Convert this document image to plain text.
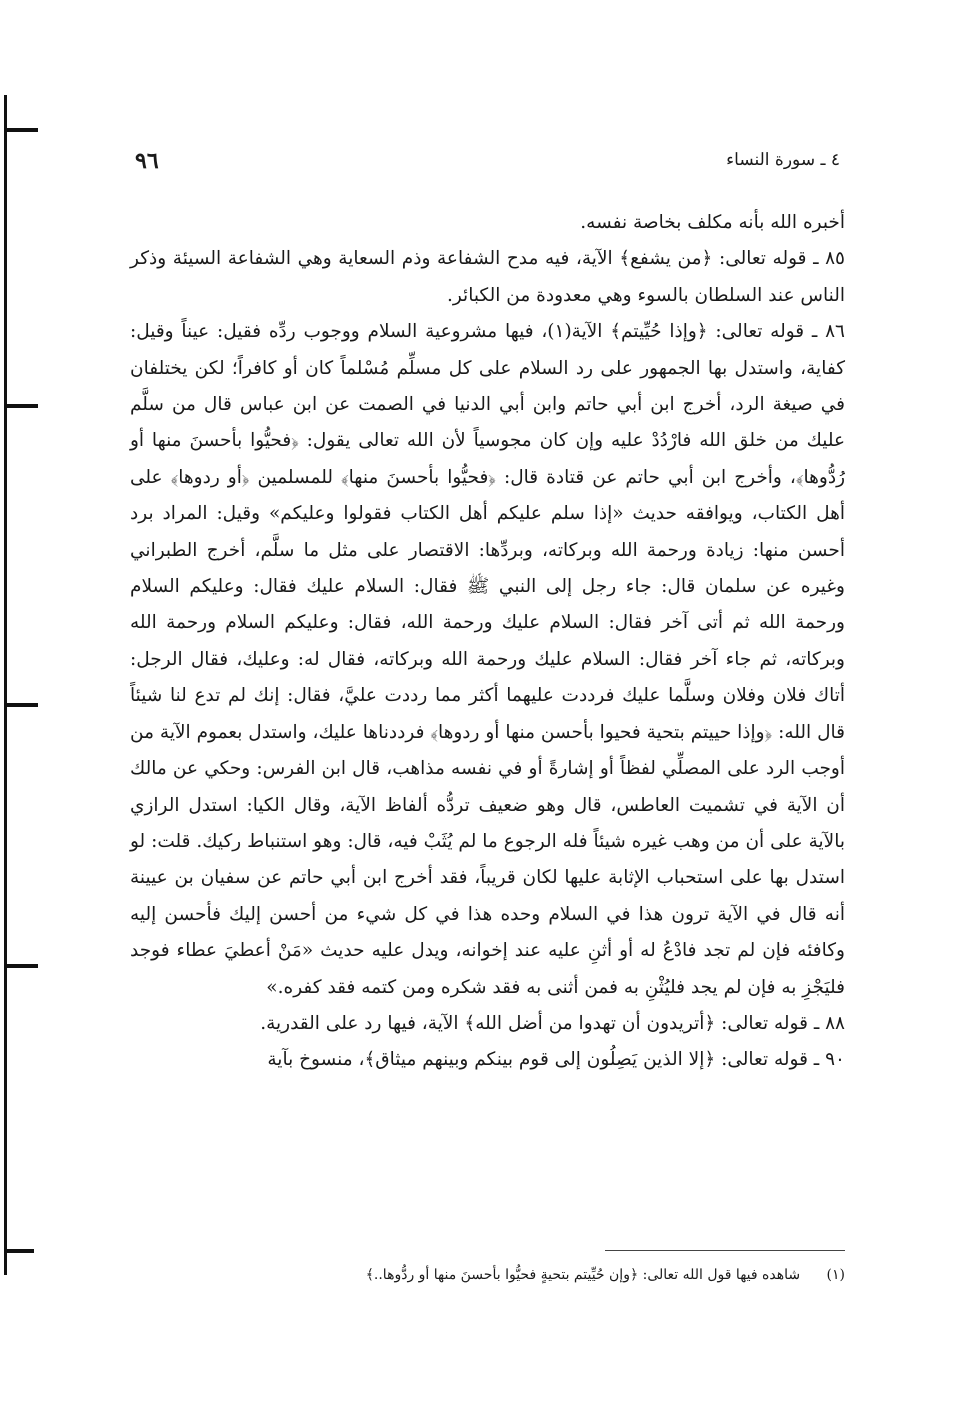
٩٦	٤ ـ سورة النساء

أخبره الله بأنه مكلف بخاصة نفسه.

٨٥ ـ قوله تعالى: ﴿من يشفع﴾ الآية، فيه مدح الشفاعة وذم السعاية وهي الشفاعة السيئة وذكر الناس عند السلطان بالسوء وهي معدودة من الكبائر.

٨٦ ـ قوله تعالى: ﴿وإذا حُيِّيتم﴾ الآية(١)، فيها مشروعية السلام ووجوب ردِّه فقيل: عيناً وقيل: كفاية، واستدل بها الجمهور على رد السلام على كل مسلِّم مُسْلماً كان أو كافراً؛ لكن يختلفان في صيغة الرد، أخرج ابن أبي حاتم وابن أبي الدنيا في الصمت عن ابن عباس قال من سلَّم عليك من خلق الله فارْدُدْ عليه وإن كان مجوسياً لأن الله تعالى يقول: ﴿فحيُّوا بأحسنَ منها أو رُدُّوها﴾، وأخرج ابن أبي حاتم عن قتادة قال: ﴿فحيُّوا بأحسنَ منها﴾ للمسلمين ﴿أو ردوها﴾ على أهل الكتاب، ويوافقه حديث «إذا سلم عليكم أهل الكتاب فقولوا وعليكم» وقيل: المراد برد أحسن منها: زيادة ورحمة الله وبركاته، وبردِّها: الاقتصار على مثل ما سلَّم، أخرج الطبراني وغيره عن سلمان قال: جاء رجل إلى النبي ﷺ فقال: السلام عليك فقال: وعليكم السلام ورحمة الله ثم أتى آخر فقال: السلام عليك ورحمة الله، فقال: وعليكم السلام ورحمة الله وبركاته، ثم جاء آخر فقال: السلام عليك ورحمة الله وبركاته، فقال له: وعليك، فقال الرجل: أتاك فلان وفلان وسلَّما عليك فرددت عليهما أكثر مما رددت عليَّ، فقال: إنك لم تدع لنا شيئاً قال الله: ﴿وإذا حييتم بتحية فحيوا بأحسن منها أو ردوها﴾ فرددناها عليك، واستدل بعموم الآية من أوجب الرد على المصلِّي لفظاً أو إشارةً أو في نفسه مذاهب، قال ابن الفرس: وحكي عن مالك أن الآية في تشميت العاطس، قال وهو ضعيف تردُّه ألفاظ الآية، وقال الكيا: استدل الرازي بالآية على أن من وهب غيره شيئاً فله الرجوع ما لم يُثَبْ فيه، قال: وهو استنباط ركيك. قلت: لو استدل بها على استحباب الإثابة عليها لكان قريباً، فقد أخرج ابن أبي حاتم عن سفيان بن عيينة أنه قال في الآية ترون هذا في السلام وحده هذا في كل شيء من أحسن إليك فأحسن إليه وكافئه فإن لم تجد فادْعُ له أو أثنِ عليه عند إخوانه، ويدل عليه حديث «مَنْ أعطيَ عطاء فوجد فليَجْزِ به فإن لم يجد فليُثْنِ به فمن أثنى به فقد شكره ومن كتمه فقد كفره.»

٨٨ ـ قوله تعالى: ﴿أتريدون أن تهدوا من أضل الله﴾ الآية، فيها رد على القدرية.

٩٠ ـ قوله تعالى: ﴿إلا الذين يَصِلُون إلى قوم بينكم وبينهم ميثاق﴾، منسوخ بآية

(١) شاهده فيها قول الله تعالى: ﴿وإن حُيِّيتم بتحيةٍ فحيُّوا بأحسنَ منها أو ردُّوها..﴾
